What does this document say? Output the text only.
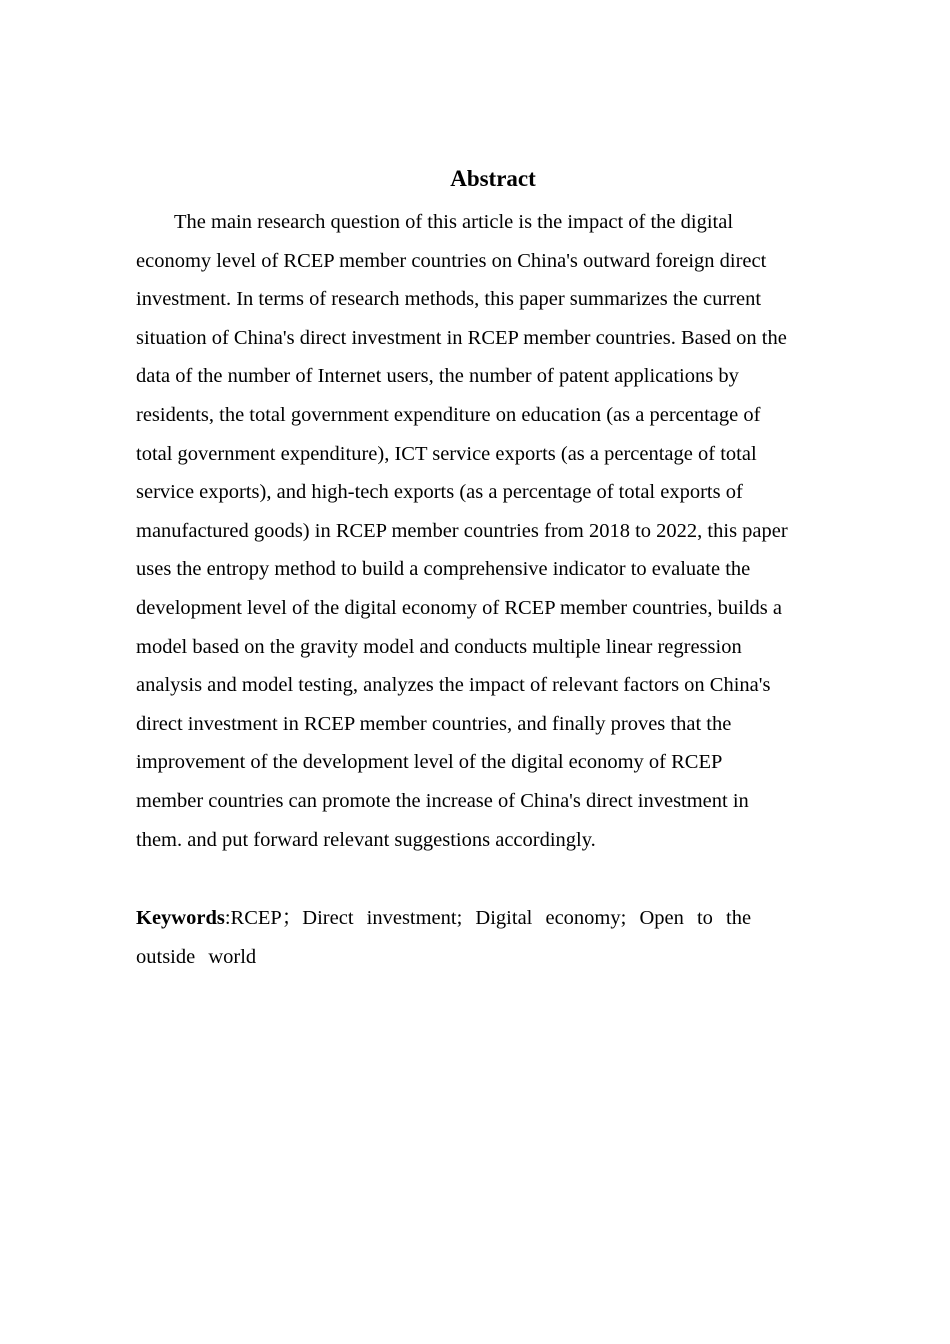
Abstract
The main research question of this article is the impact of the digital
economy level of RCEP member countries on China's outward foreign direct
investment. In terms of research methods, this paper summarizes the current
situation of China's direct investment in RCEP member countries. Based on the
data of the number of Internet users, the number of patent applications by
residents, the total government expenditure on education (as a percentage of
total government expenditure), ICT service exports (as a percentage of total
service exports), and high-tech exports (as a percentage of total exports of
manufactured goods) in RCEP member countries from 2018 to 2022, this paper
uses the entropy method to build a comprehensive indicator to evaluate the
development level of the digital economy of RCEP member countries, builds a
model based on the gravity model and conducts multiple linear regression
analysis and model testing, analyzes the impact of relevant factors on China's
direct investment in RCEP member countries, and finally proves that the
improvement of the development level of the digital economy of RCEP
member countries can promote the increase of China's direct investment in
them. and put forward relevant suggestions accordingly.
Keywords:RCEP；Direct investment; Digital economy; Open to the
outside world
